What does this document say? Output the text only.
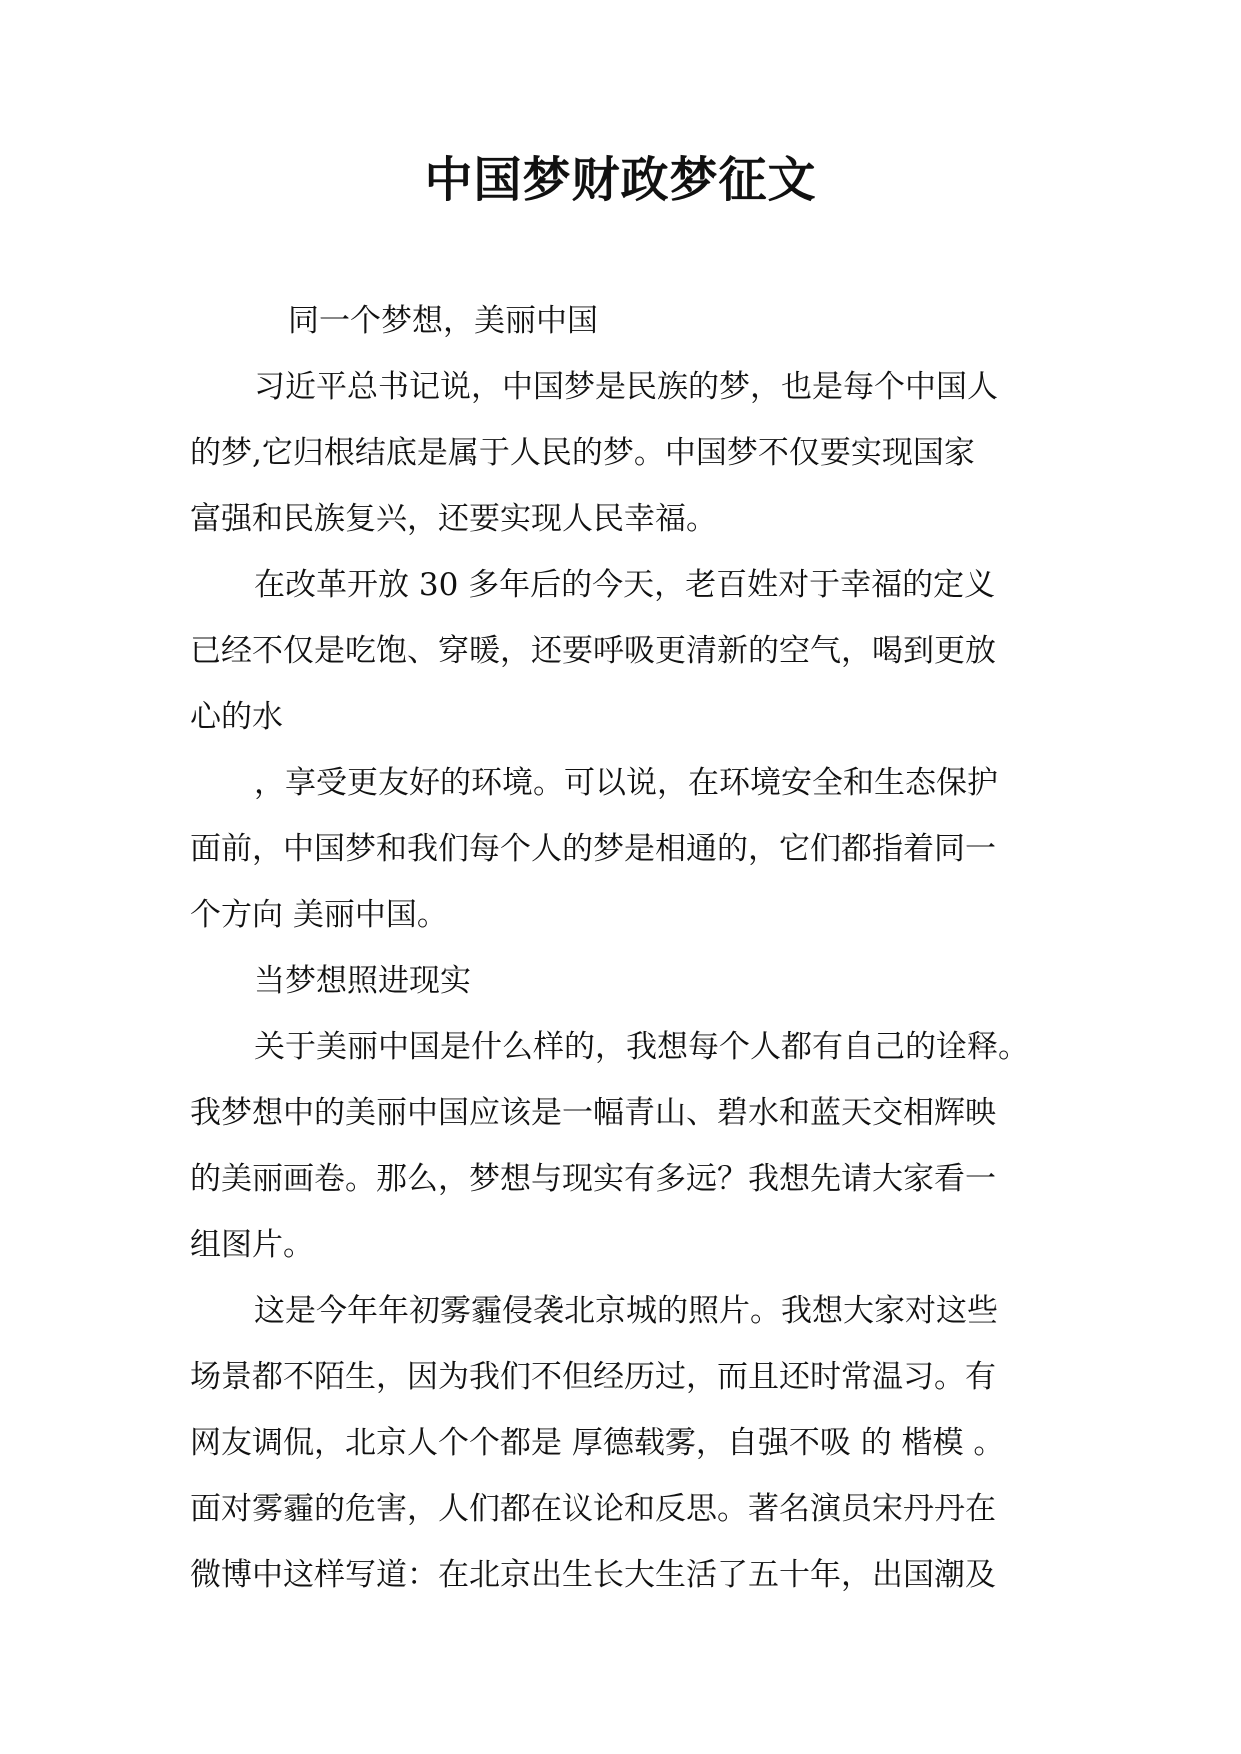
中国梦财政梦征文
同一个梦想，美丽中国
习近平总书记说，中国梦是民族的梦，也是每个中国人
的梦,它归根结底是属于人民的梦。中国梦不仅要实现国家
富强和民族复兴，还要实现人民幸福。
在改革开放 30 多年后的今天，老百姓对于幸福的定义
已经不仅是吃饱、穿暖，还要呼吸更清新的空气，喝到更放
心的水
，享受更友好的环境。可以说，在环境安全和生态保护
面前，中国梦和我们每个人的梦是相通的，它们都指着同一
个方向 美丽中国。
当梦想照进现实
关于美丽中国是什么样的，我想每个人都有自己的诠释。
我梦想中的美丽中国应该是一幅青山、碧水和蓝天交相辉映
的美丽画卷。那么，梦想与现实有多远？我想先请大家看一
组图片。
这是今年年初雾霾侵袭北京城的照片。我想大家对这些
场景都不陌生，因为我们不但经历过，而且还时常温习。有
网友调侃，北京人个个都是 厚德载雾，自强不吸 的 楷模 。
面对雾霾的危害，人们都在议论和反思。著名演员宋丹丹在
微博中这样写道：在北京出生长大生活了五十年，出国潮及
